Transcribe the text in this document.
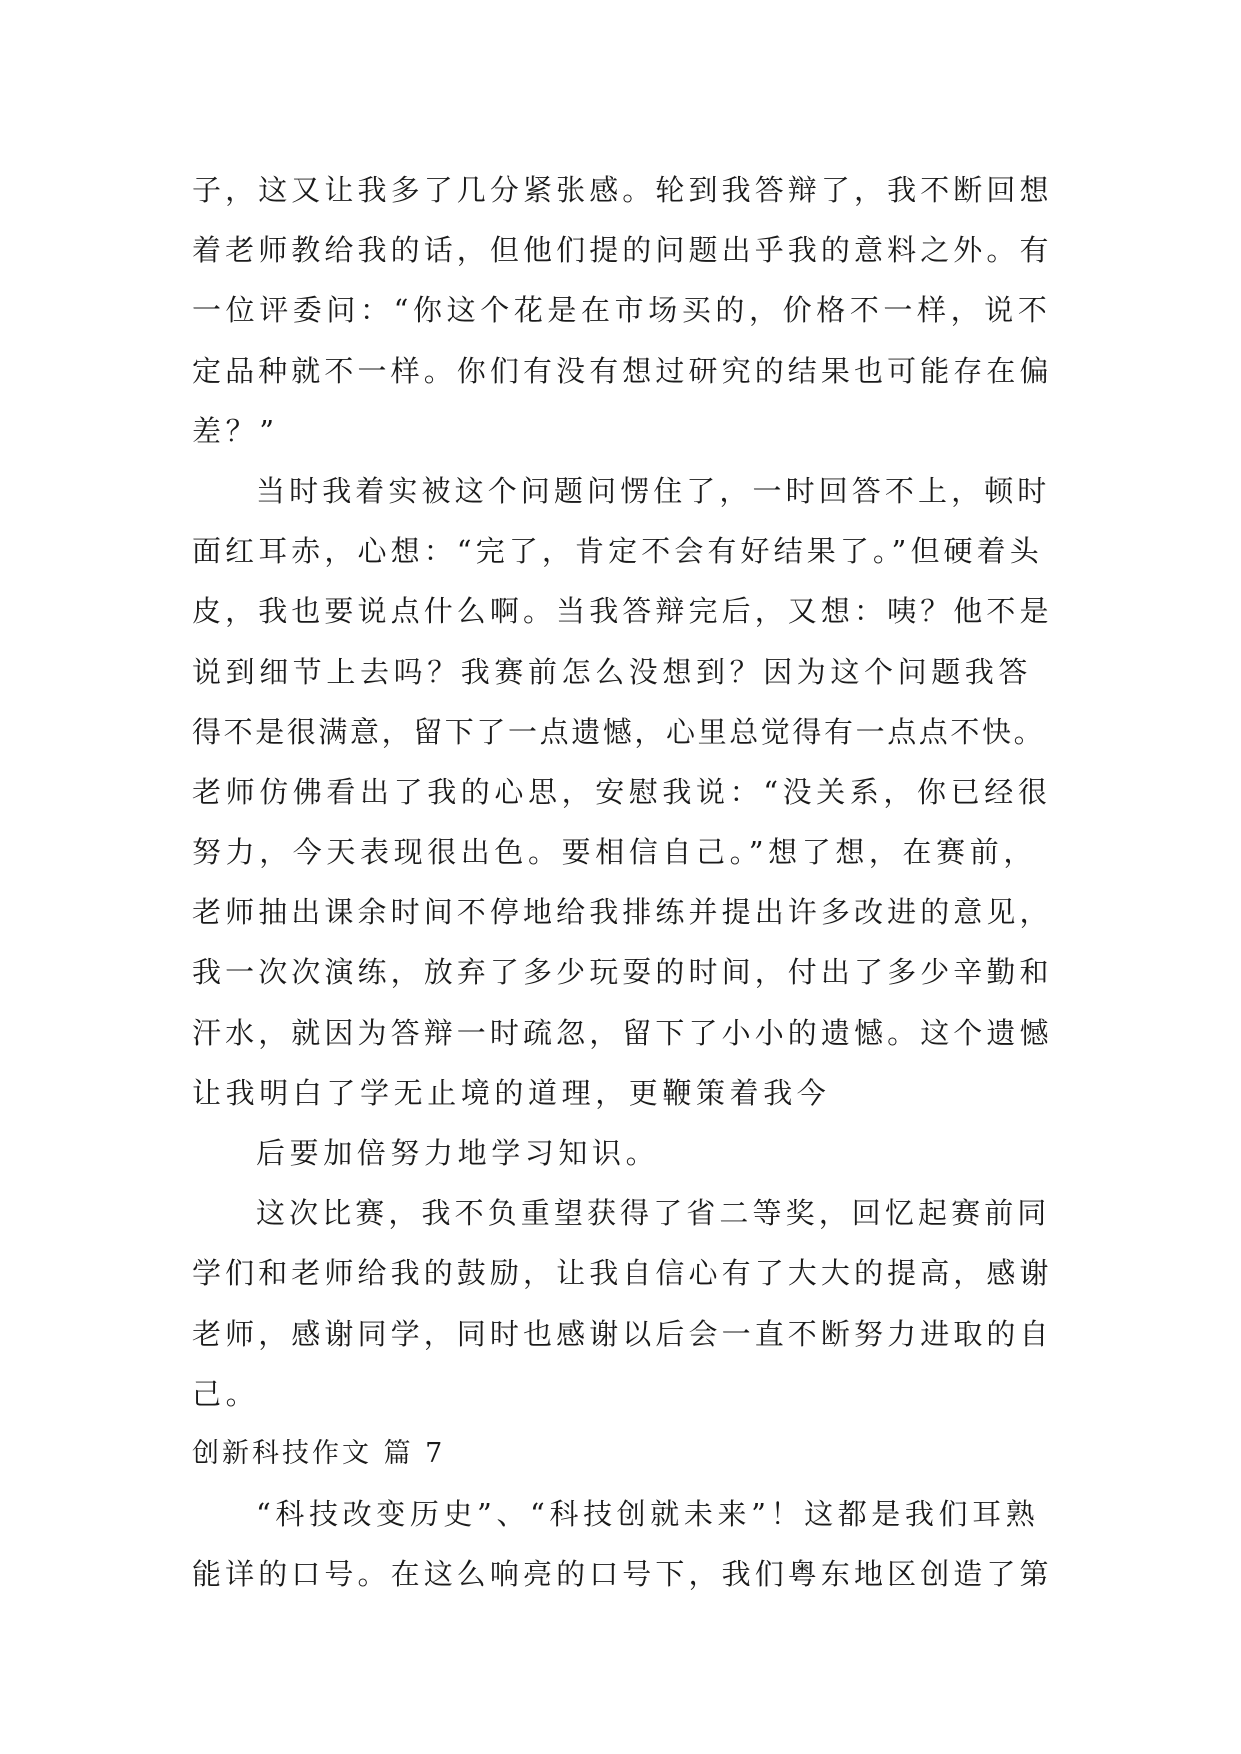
子，这又让我多了几分紧张感。轮到我答辩了，我不断回想
着老师教给我的话，但他们提的问题出乎我的意料之外。有
一位评委问：“你这个花是在市场买的，价格不一样，说不
定品种就不一样。你们有没有想过研究的结果也可能存在偏
差？”
当时我着实被这个问题问愣住了，一时回答不上，顿时
面红耳赤，心想：“完了，肯定不会有好结果了。”但硬着头
皮，我也要说点什么啊。当我答辩完后，又想：咦？他不是
说到细节上去吗？我赛前怎么没想到？因为这个问题我答
得不是很满意，留下了一点遗憾，心里总觉得有一点点不快。
老师仿佛看出了我的心思，安慰我说：“没关系，你已经很
努力，今天表现很出色。要相信自己。”想了想，在赛前，
老师抽出课余时间不停地给我排练并提出许多改进的意见，
我一次次演练，放弃了多少玩耍的时间，付出了多少辛勤和
汗水，就因为答辩一时疏忽，留下了小小的遗憾。这个遗憾
让我明白了学无止境的道理，更鞭策着我今
后要加倍努力地学习知识。
这次比赛，我不负重望获得了省二等奖，回忆起赛前同
学们和老师给我的鼓励，让我自信心有了大大的提高，感谢
老师，感谢同学，同时也感谢以后会一直不断努力进取的自
己。
创新科技作文 篇 7
“科技改变历史”、“科技创就未来”！这都是我们耳熟
能详的口号。在这么响亮的口号下，我们粤东地区创造了第
